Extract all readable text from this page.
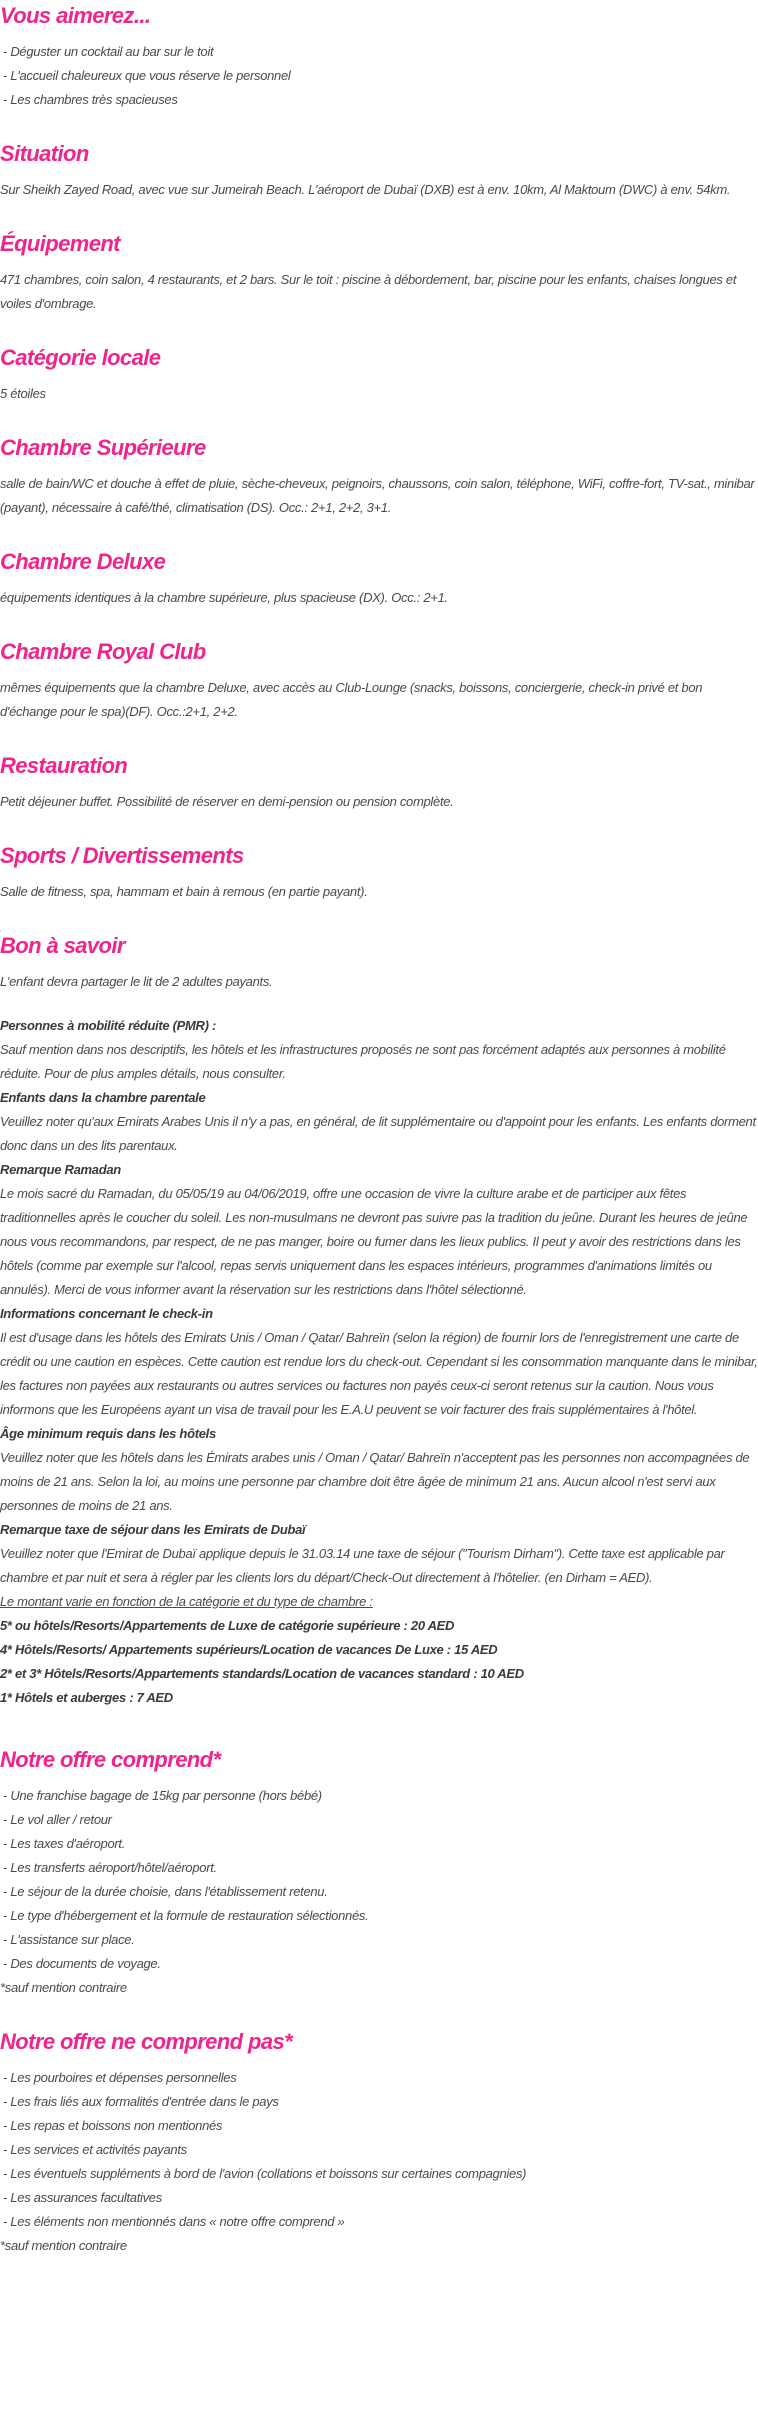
Vous aimerez...
- Déguster un cocktail au bar sur le toit
- L'accueil chaleureux que vous réserve le personnel
- Les chambres très spacieuses
Situation

Sur Sheikh Zayed Road, avec vue sur Jumeirah Beach. L'aéroport de Dubaï (DXB) est à env. 10km, Al Maktoum (DWC) à env. 54km.

Équipement

471 chambres, coin salon, 4 restaurants, et 2 bars. Sur le toit : piscine à débordement, bar, piscine pour les enfants, chaises longues et voiles d'ombrage.

Catégorie locale

5 étoiles

Chambre Supérieure

salle de bain/WC et douche à effet de pluie, sèche-cheveux, peignoirs, chaussons, coin salon, téléphone, WiFi, coffre-fort, TV-sat., minibar (payant), nécessaire à café/thé, climatisation (DS). Occ.: 2+1, 2+2, 3+1.

Chambre Deluxe

équipements identiques à la chambre supérieure, plus spacieuse (DX). Occ.: 2+1.

Chambre Royal Club

mêmes équipements que la chambre Deluxe, avec accès au Club-Lounge (snacks, boissons, conciergerie, check-in privé et bon d'échange pour le spa)(DF). Occ.:2+1, 2+2.

Restauration

Petit déjeuner buffet. Possibilité de réserver en demi-pension ou pension complète.

Sports / Divertissements

Salle de fitness, spa, hammam et bain à remous (en partie payant).

Bon à savoir

L'enfant devra partager le lit de 2 adultes payants.

Personnes à mobilité réduite (PMR) :

Sauf mention dans nos descriptifs, les hôtels et les infrastructures proposés ne sont pas forcément adaptés aux personnes à mobilité réduite. Pour de plus amples détails, nous consulter.

Enfants dans la chambre parentale

Veuillez noter qu'aux Emirats Arabes Unis il n'y a pas, en général, de lit supplémentaire ou d'appoint pour les enfants. Les enfants dorment donc dans un des lits parentaux.

Remarque Ramadan

Le mois sacré du Ramadan, du 05/05/19 au 04/06/2019, offre une occasion de vivre la culture arabe et de participer aux fêtes traditionnelles après le coucher du soleil. Les non-musulmans ne devront pas suivre pas la tradition du jeûne. Durant les heures de jeûne nous vous recommandons, par respect, de ne pas manger, boire ou fumer dans les lieux publics. Il peut y avoir des restrictions dans les hôtels (comme par exemple sur l'alcool, repas servis uniquement dans les espaces intérieurs, programmes d'animations limités ou annulés). Merci de vous informer avant la réservation sur les restrictions dans l'hôtel sélectionné.

Informations concernant le check-in

Il est d'usage dans les hôtels des Emirats Unis / Oman / Qatar/ Bahreïn (selon la région) de fournir lors de l'enregistrement une carte de crédit ou une caution en espèces. Cette caution est rendue lors du check-out. Cependant si les consommation manquante dans le minibar, les factures non payées aux restaurants ou autres services ou factures non payés ceux-ci seront retenus sur la caution. Nous vous informons que les Européens ayant un visa de travail pour les E.A.U peuvent se voir facturer des frais supplémentaires à l'hôtel.

Âge minimum requis dans les hôtels

Veuillez noter que les hôtels dans les Émirats arabes unis / Oman / Qatar/ Bahreïn n'acceptent pas les personnes non accompagnées de moins de 21 ans. Selon la loi, au moins une personne par chambre doit être âgée de minimum 21 ans. Aucun alcool n'est servi aux personnes de moins de 21 ans.

Remarque taxe de séjour dans les Emirats de Dubaï

Veuillez noter que l'Emirat de Dubaï applique depuis le 31.03.14 une taxe de séjour ("Tourism Dirham"). Cette taxe est applicable par chambre et par nuit et sera à régler par les clients lors du départ/Check-Out directement à l'hôtelier. (en Dirham = AED).

Le montant varie en fonction de la catégorie et du type de chambre :

5* ou hôtels/Resorts/Appartements de Luxe de catégorie supérieure : 20 AED

4* Hôtels/Resorts/ Appartements supérieurs/Location de vacances De Luxe : 15 AED

2* et 3* Hôtels/Resorts/Appartements standards/Location de vacances standard : 10 AED

1* Hôtels et auberges : 7 AED

Notre offre comprend*
- Une franchise bagage de 15kg par personne (hors bébé)
- Le vol aller / retour
- Les taxes d'aéroport.
- Les transferts aéroport/hôtel/aéroport.
- Le séjour de la durée choisie, dans l'établissement retenu.
- Le type d'hébergement et la formule de restauration sélectionnés.
- L'assistance sur place.
- Des documents de voyage.

*sauf mention contraire

Notre offre ne comprend pas*
- Les pourboires et dépenses personnelles
- Les frais liés aux formalités d'entrée dans le pays
- Les repas et boissons non mentionnés
- Les services et activités payants
- Les éventuels suppléments à bord de l'avion (collations et boissons sur certaines compagnies)
- Les assurances facultatives
- Les éléments non mentionnés dans « notre offre comprend »

*sauf mention contraire
